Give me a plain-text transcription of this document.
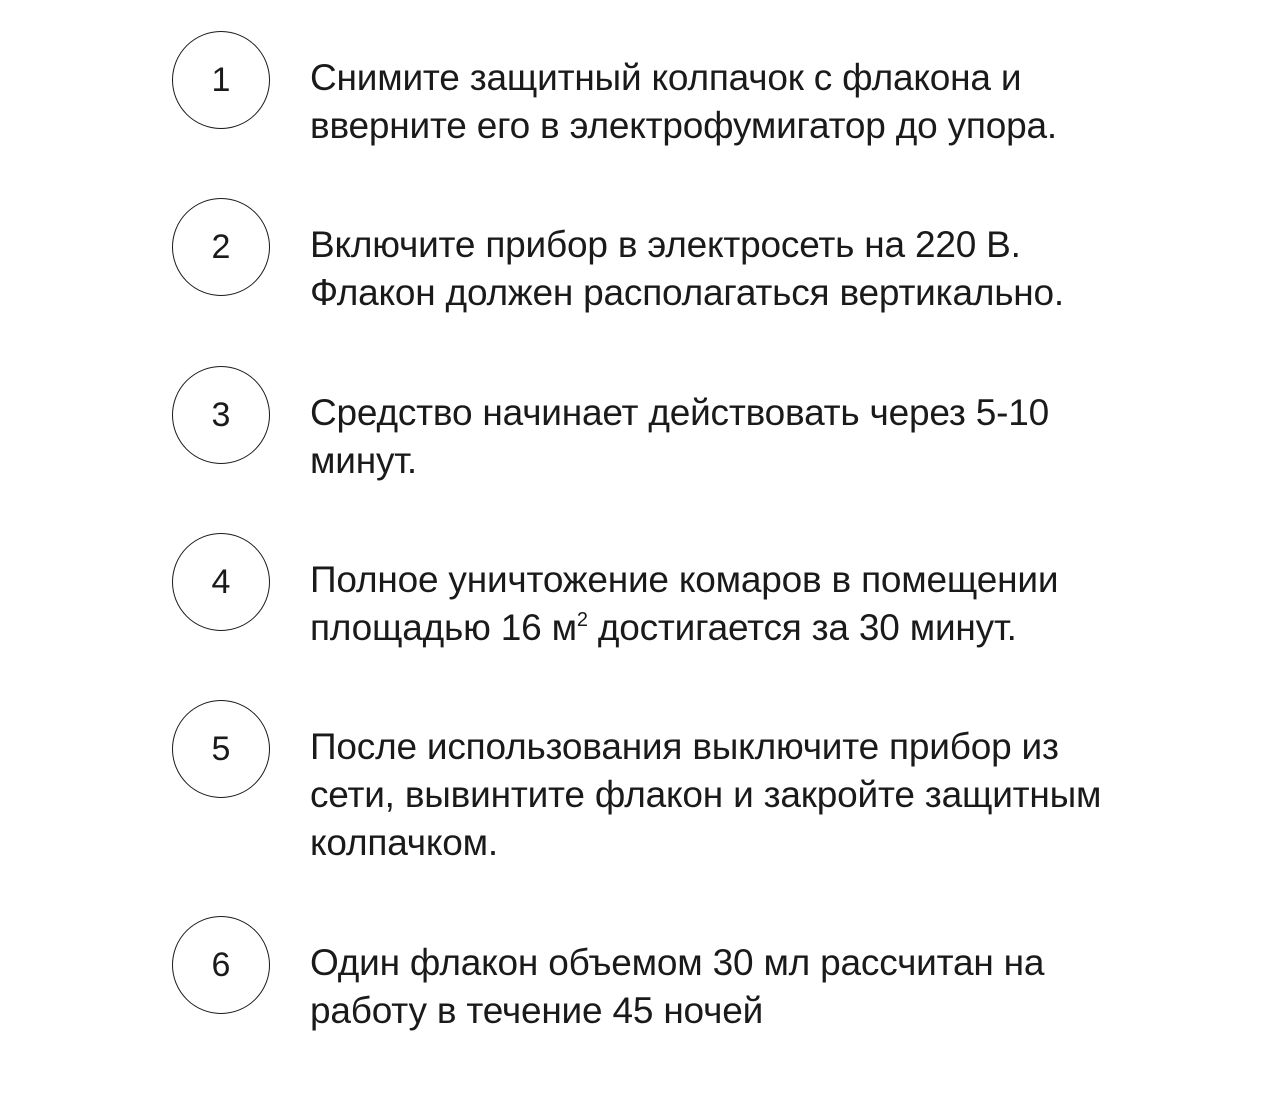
1	Снимите защитный колпачок с флакона и
вверните его в электрофумигатор до упора.
2	Включите прибор в электросеть на 220 В.
Флакон должен располагаться вертикально.
3	Средство начинает действовать через 5-10
минут.
4	Полное уничтожение комаров в помещении
площадью 16 $м^2$ достигается за 30 минут.
5	После использования выключите прибор из
сети, вывинтите флакон и закройте защитным
колпачком.
6	Один флакон объемом 30 мл рассчитан на
работу в течение 45 ночей
